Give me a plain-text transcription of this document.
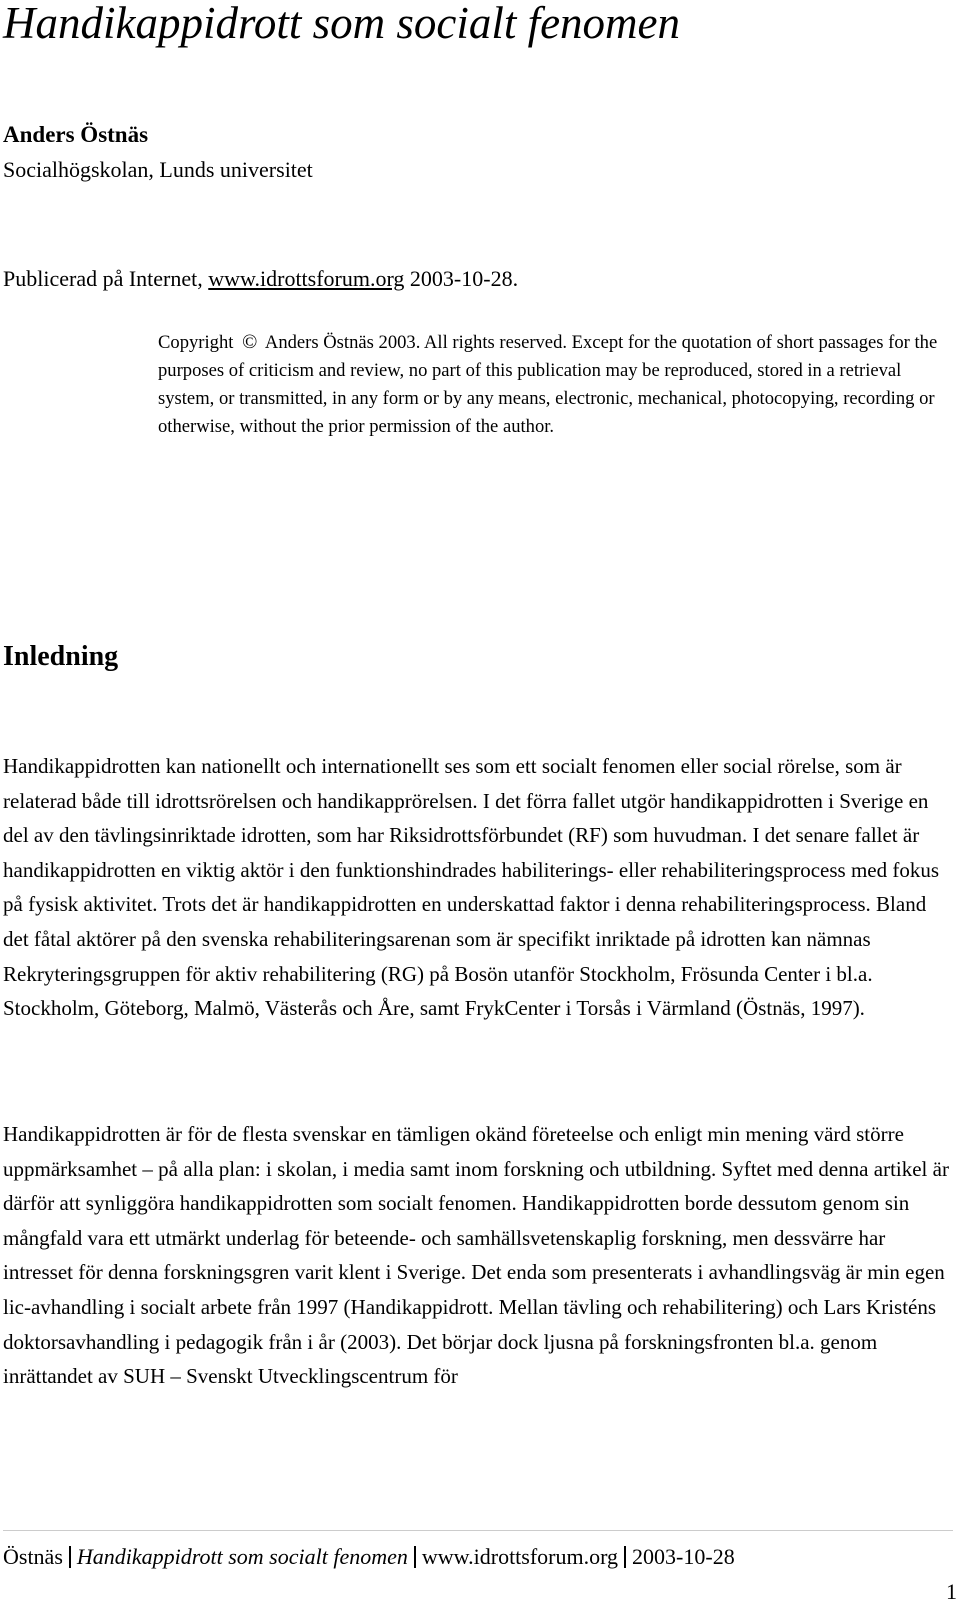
Handikappidrott som socialt fenomen
Anders Östnäs
Socialhögskolan, Lunds universitet
Publicerad på Internet, www.idrottsforum.org 2003-10-28.
Copyright © Anders Östnäs 2003. All rights reserved. Except for the quotation of short passages for the purposes of criticism and review, no part of this publication may be reproduced, stored in a retrieval system, or transmitted, in any form or by any means, electronic, mechanical, photocopying, recording or otherwise, without the prior permission of the author.
Inledning

Handikappidrotten kan nationellt och internationellt ses som ett socialt fenomen eller social rörelse, som är relaterad både till idrottsrörelsen och handikapprörelsen. I det förra fallet utgör handikappidrotten i Sverige en del av den tävlingsinriktade idrotten, som har Riksidrottsförbundet (RF) som huvudman. I det senare fallet är handikappidrotten en viktig aktör i den funktionshindrades habiliterings- eller rehabiliteringsprocess med fokus på fysisk aktivitet. Trots det är handikappidrotten en underskattad faktor i denna rehabiliteringsprocess. Bland det fåtal aktörer på den svenska rehabiliteringsarenan som är specifikt inriktade på idrotten kan nämnas Rekryteringsgruppen för aktiv rehabilitering (RG) på Bosön utanför Stockholm, Frösunda Center i bl.a. Stockholm, Göteborg, Malmö, Västerås och Åre, samt FrykCenter i Torsås i Värmland (Östnäs, 1997).

Handikappidrotten är för de flesta svenskar en tämligen okänd företeelse och enligt min mening värd större uppmärksamhet – på alla plan: i skolan, i media samt inom forskning och utbildning. Syftet med denna artikel är därför att synliggöra handikappidrotten som socialt fenomen. Handikappidrotten borde dessutom genom sin mångfald vara ett utmärkt underlag för beteende- och samhällsvetenskaplig forskning, men dessvärre har intresset för denna forskningsgren varit klent i Sverige. Det enda som presenterats i avhandlingsväg är min egen lic-avhandling i socialt arbete från 1997 (Handikappidrott. Mellan tävling och rehabilitering) och Lars Kristéns doktorsavhandling i pedagogik från i år (2003). Det börjar dock ljusna på forskningsfronten bl.a. genom inrättandet av SUH – Svenskt Utvecklingscentrum för

Östnäs Handikappidrott som socialt fenomen www.idrottsforum.org 2003-10-28
1
